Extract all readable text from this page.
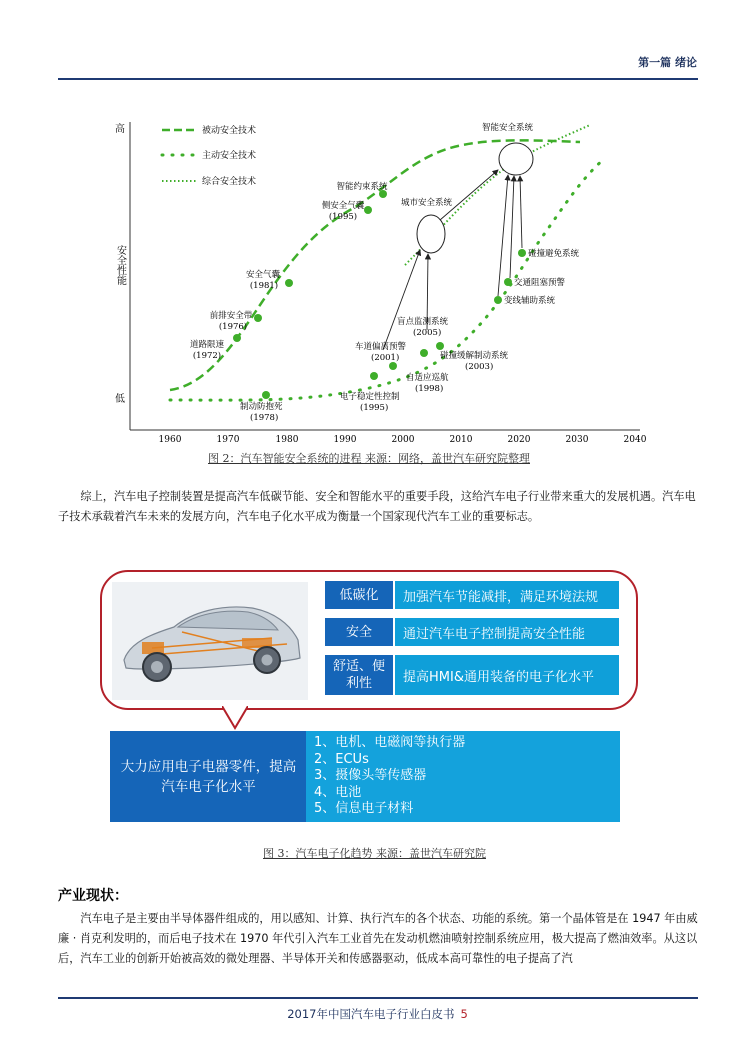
第一篇 绪论
高
低
安全性能
1960	1970	1980	1990	2000	2010	2020	2030	2040
被动安全技术
主动安全技术
综合安全技术
道路限速
(1972)
前排安全带
(1976)
安全气囊
(1981)
侧安全气囊
(1995)
智能约束系统
制动防抱死
(1978)
电子稳定性控制
(1995)
自适应巡航
(1998)
车道偏离预警
(2001)
盲点监测系统
(2005)
碰撞缓解制动系统
(2003)
变线辅助系统
交通阻塞预警
碰撞避免系统
城市安全系统
智能安全系统
图 2：汽车智能安全系统的进程 来源：网络，盖世汽车研究院整理

综上，汽车电子控制装置是提高汽车低碳节能、安全和智能水平的重要手段，这给汽车电子行业带来重大的发展机遇。汽车电子技术承载着汽车未来的发展方向，汽车电子化水平成为衡量一个国家现代汽车工业的重要标志。

低碳化	加强汽车节能减排，满足环境法规
安全	通过汽车电子控制提高安全性能
舒适、便
利性	提高HMI&通用装备的电子化水平
大力应用电子电器零件，提高
汽车电子化水平
1、电机、电磁阀等执行器
2、ECUs
3、摄像头等传感器
4、电池
5、信息电子材料
图 3：汽车电子化趋势 来源：盖世汽车研究院
产业现状：

汽车电子是主要由半导体器件组成的，用以感知、计算、执行汽车的各个状态、功能的系统。第一个晶体管是在 1947 年由威廉 · 肖克利发明的，而后电子技术在 1970 年代引入汽车工业首先在发动机燃油喷射控制系统应用，极大提高了燃油效率。从这以后，汽车工业的创新开始被高效的微处理器、半导体开关和传感器驱动，低成本高可靠性的电子提高了汽

2017年中国汽车电子行业白皮书 5
